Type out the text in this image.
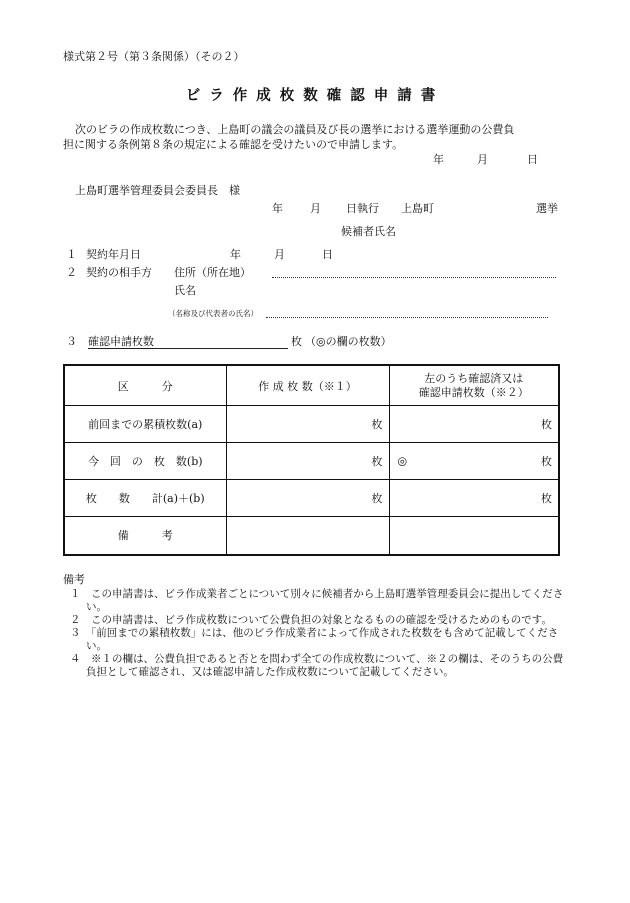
様式第２号（第３条関係）（その２）
ビラ作成枚数確認申請書
次のビラの作成枚数につき、上島町の議会の議員及び長の選挙における選挙運動の公費負
担に関する条例第８条の規定による確認を受けたいので申請します。
年	月	日
上島町選挙管理委員会委員長　様
年 月 日執行 上島町	選挙
候補者氏名
１ 契約年月日	年	月	日
２ 契約の相手方 住所（所在地）
氏名
（名称及び代表者の氏名）
３ 確認申請枚数	枚 （◎の欄の枚数）
区　　　分	作 成 枚 数（※１）	左のうち確認済又は
確認申請枚数（※２）
前回までの累積枚数(a)	枚	枚

今　回　の　枚　数(b)	枚	◎ 枚

枚　　数　　計(a)＋(b)	枚	枚

備　　　考		
備考
１　この申請書は、ビラ作成業者ごとについて別々に候補者から上島町選挙管理委員会に提出してください。
２　この申請書は、ビラ作成枚数について公費負担の対象となるものの確認を受けるためのものです。
３　「前回までの累積枚数」には、他のビラ作成業者によって作成された枚数をも含めて記載してください。
４　※１の欄は、公費負担であると否とを問わず全ての作成枚数について、※２の欄は、そのうちの公費負担として確認され、又は確認申請した作成枚数について記載してください。
